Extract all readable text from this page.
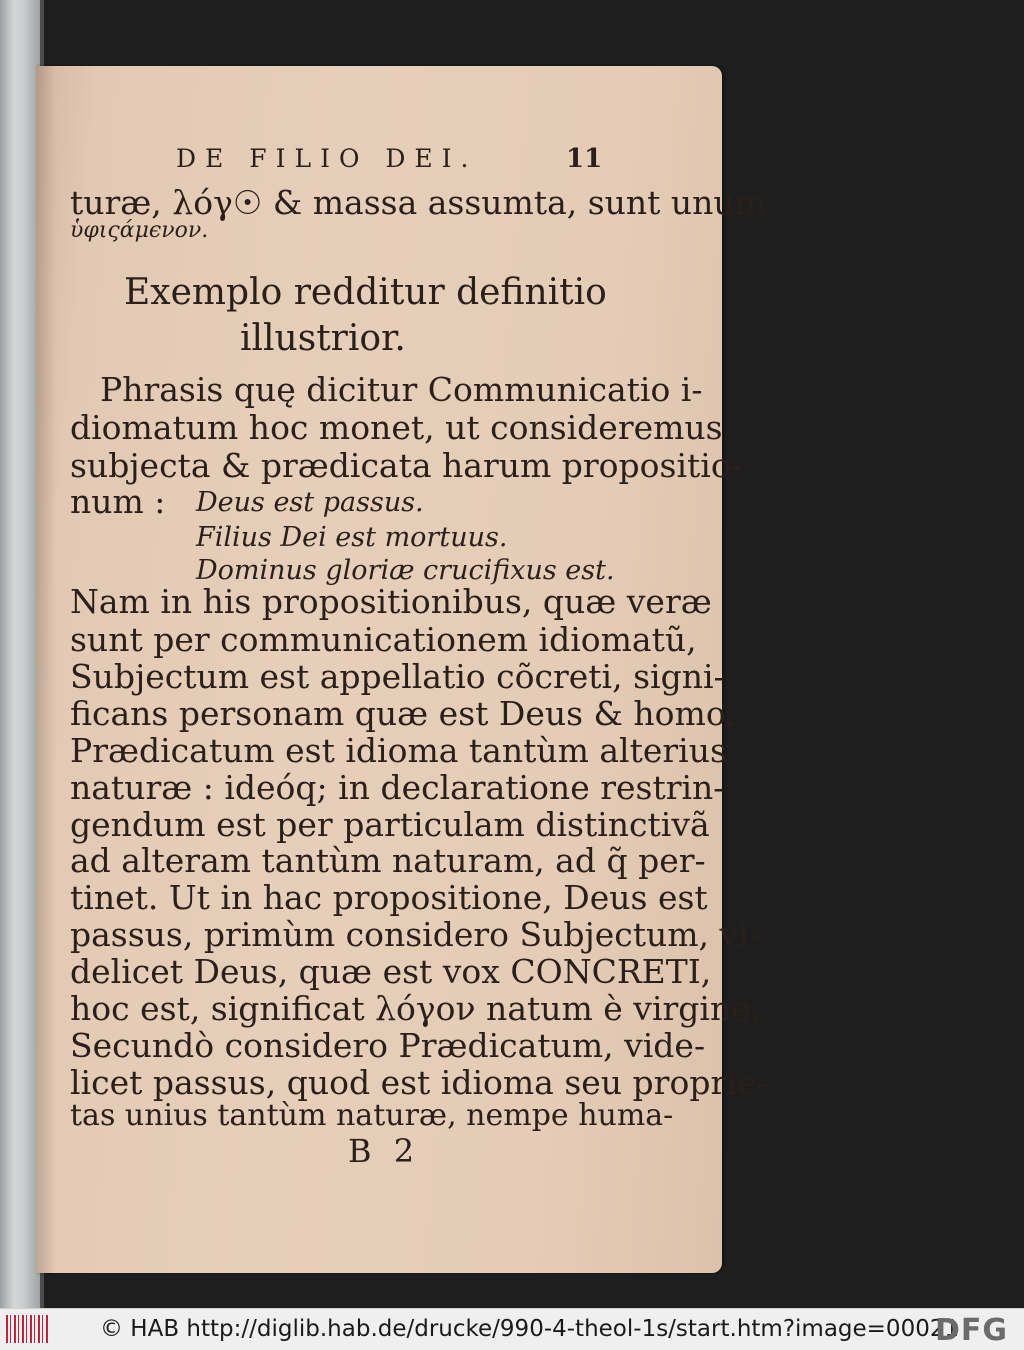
DE FILIO DEI.	11
turæ, λόγ☉ & massa assumta, sunt unum
ὑφιςάμϵνον.
Exemplo redditur definitio
illustrior.
Phrasis quę dicitur Communicatio i-
diomatum hoc monet, ut consideremus
subjecta & prædicata harum propositio-
num : Deus est passus.
Filius Dei est mortuus.
Dominus gloriæ crucifixus est.
Nam in his propositionibus, quæ veræ
sunt per communicationem idiomatũ,
Subjectum est appellatio cõcreti, signi-
ficans personam quæ est Deus & homo.
Prædicatum est idioma tantùm alterius
naturæ : ideóq; in declaratione restrin-
gendum est per particulam distinctivã
ad alteram tantùm naturam, ad q̃ per-
tinet. Ut in hac propositione, Deus est
passus, primùm considero Subjectum, vi-
delicet Deus, quæ est vox CONCRETI,
hoc est, significat λόγον natum è virgine.
Secundò considero Prædicatum, vide-
licet passus, quod est idioma seu proprie-
tas unius tantùm naturæ, nempe huma-
B 2
© HAB http://diglib.hab.de/drucke/990-4-theol-1s/start.htm?image=00021
DFG
